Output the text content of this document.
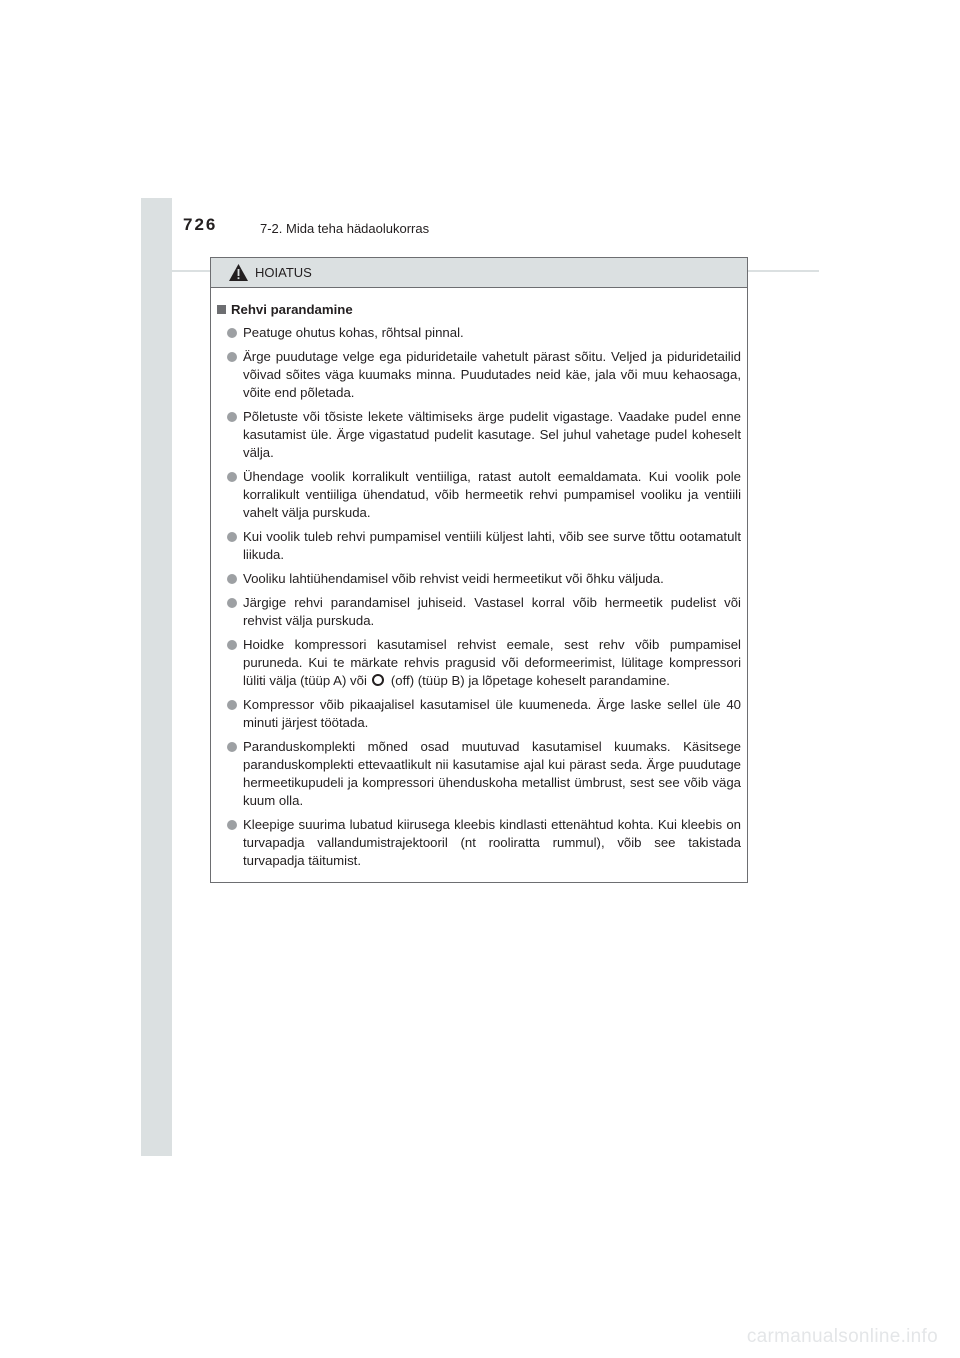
726	7-2. Mida teha hädaolukorras
HOIATUS
Rehvi parandamine
Peatuge ohutus kohas, rõhtsal pinnal.
Ärge puudutage velge ega piduridetaile vahetult pärast sõitu. Veljed ja piduridetailid võivad sõites väga kuumaks minna. Puudutades neid käe, jala või muu kehaosaga, võite end põletada.
Põletuste või tõsiste lekete vältimiseks ärge pudelit vigastage. Vaadake pudel enne kasutamist üle. Ärge vigastatud pudelit kasutage. Sel juhul vahetage pudel koheselt välja.
Ühendage voolik korralikult ventiiliga, ratast autolt eemaldamata. Kui voolik pole korralikult ventiiliga ühendatud, võib hermeetik rehvi pumpamisel vooliku ja ventiili vahelt välja purskuda.
Kui voolik tuleb rehvi pumpamisel ventiili küljest lahti, võib see surve tõttu ootamatult liikuda.
Vooliku lahtiühendamisel võib rehvist veidi hermeetikut või õhku väljuda.
Järgige rehvi parandamisel juhiseid. Vastasel korral võib hermeetik pudelist või rehvist välja purskuda.
Hoidke kompressori kasutamisel rehvist eemale, sest rehv võib pumpamisel puruneda. Kui te märkate rehvis pragusid või deformeerimist, lülitage kompressori lüliti välja (tüüp A) või (off) (tüüp B) ja lõpetage koheselt parandamine.
Kompressor võib pikaajalisel kasutamisel üle kuumeneda. Ärge laske sellel üle 40 minuti järjest töötada.
Paranduskomplekti mõned osad muutuvad kasutamisel kuumaks. Käsitsege paranduskomplekti ettevaatlikult nii kasutamise ajal kui pärast seda. Ärge puudutage hermeetikupudeli ja kompressori ühenduskoha metallist ümbrust, sest see võib väga kuum olla.
Kleepige suurima lubatud kiirusega kleebis kindlasti ettenähtud kohta. Kui kleebis on turvapadja vallandumistrajektooril (nt rooliratta rummul), võib see takistada turvapadja täitumist.
carmanualsonline.info
